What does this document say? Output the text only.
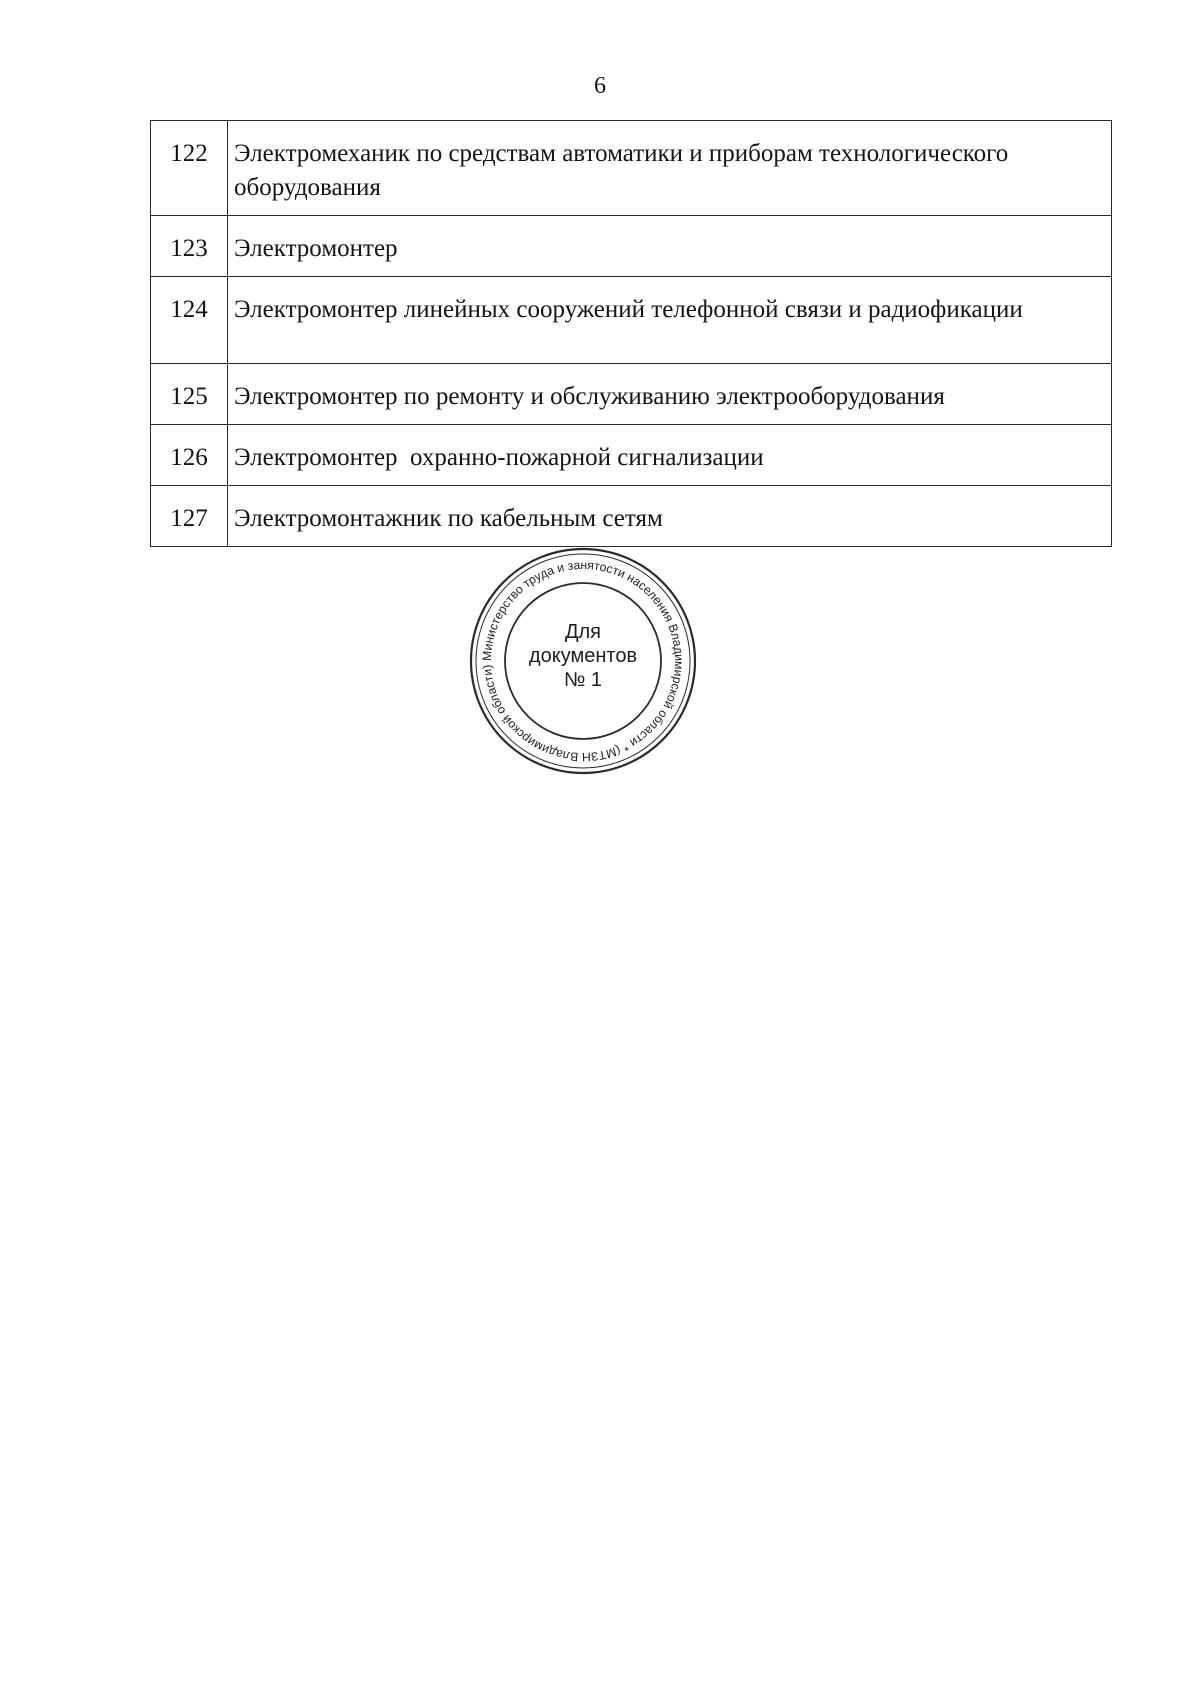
6
122	Электромеханик по средствам автоматики и приборам технологического оборудования
123	Электромонтер
124	Электромонтер линейных сооружений телефонной связи и радиофикации
125	Электромонтер по ремонту и обслуживанию электрооборудования
126	Электромонтер  охранно-пожарной сигнализации
127	Электромонтажник по кабельным сетям
Министерство труда и занятости населения Владимирской области * (МТЗН Владимирской области)
Для
документов
№ 1
